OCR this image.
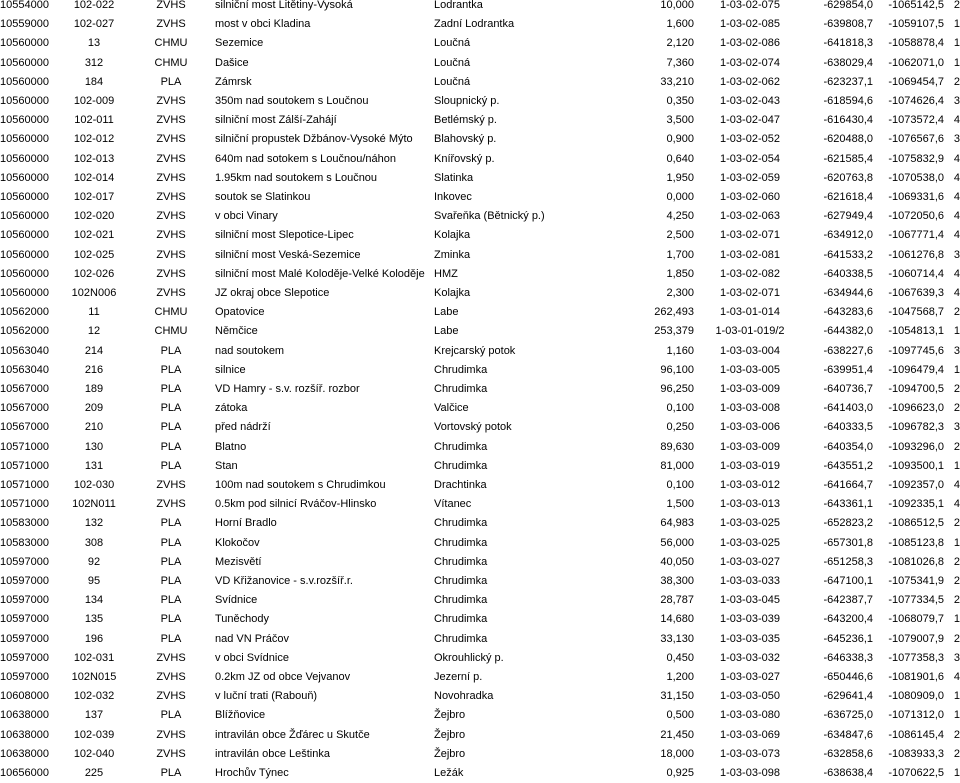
10554000	102-022	ZVHS	silniční most Litětiny-Vysoká	Lodrantka	10,000	1-03-02-075	-629854,0	-1065142,5 2
10559000	102-027	ZVHS	most v obci Kladina	Zadní Lodrantka	1,600	1-03-02-085	-639808,7	-1059107,5 1
10560000	13	CHMU	Sezemice	Loučná	2,120	1-03-02-086	-641818,3	-1058878,4 1
10560000	312	CHMU	Dašice	Loučná	7,360	1-03-02-074	-638029,4	-1062071,0 1
10560000	184	PLA	Zámrsk	Loučná	33,210	1-03-02-062	-623237,1	-1069454,7 2
10560000	102-009	ZVHS	350m nad soutokem s Loučnou	Sloupnický p.	0,350	1-03-02-043	-618594,6	-1074626,4 3
10560000	102-011	ZVHS	silniční most Zálší-Zahájí	Betlémský p.	3,500	1-03-02-047	-616430,4	-1073572,4 4
10560000	102-012	ZVHS	silniční propustek Džbánov-Vysoké Mýto	Blahovský p.	0,900	1-03-02-052	-620488,0	-1076567,6 3
10560000	102-013	ZVHS	640m nad sotokem s Loučnou/náhon	Knířovský p.	0,640	1-03-02-054	-621585,4	-1075832,9 4
10560000	102-014	ZVHS	1.95km nad soutokem s Loučnou	Slatinka	1,950	1-03-02-059	-620763,8	-1070538,0 4
10560000	102-017	ZVHS	soutok se Slatinkou	Inkovec	0,000	1-03-02-060	-621618,4	-1069331,6 4
10560000	102-020	ZVHS	v obci Vinary	Svařeňka (Bětnický p.)	4,250	1-03-02-063	-627949,4	-1072050,6 4
10560000	102-021	ZVHS	silniční most Slepotice-Lipec	Kolajka	2,500	1-03-02-071	-634912,0	-1067771,4 4
10560000	102-025	ZVHS	silniční most Veská-Sezemice	Zminka	1,700	1-03-02-081	-641533,2	-1061276,8 3
10560000	102-026	ZVHS	silniční most Malé Koloděje-Velké Koloděje HMZ	1,850	1-03-02-082	-640338,5	-1060714,4 4
10560000	102N006	ZVHS	JZ okraj obce Slepotice	Kolajka	2,300	1-03-02-071	-634944,6	-1067639,3 4
10562000	11	CHMU	Opatovice	Labe	262,493	1-03-01-014	-643283,6	-1047568,7 2
10562000	12	CHMU	Němčice	Labe	253,379	1-03-01-019/2	-644382,0	-1054813,1 1
10563040	214	PLA	nad soutokem	Krejcarský potok	1,160	1-03-03-004	-638227,6	-1097745,6 3
10563040	216	PLA	silnice	Chrudimka	96,100	1-03-03-005	-639951,4	-1096479,4 1
10567000	189	PLA	VD Hamry - s.v. rozšíř. rozbor	Chrudimka	96,250	1-03-03-009	-640736,7	-1094700,5 2
10567000	209	PLA	zátoka	Valčice	0,100	1-03-03-008	-641403,0	-1096623,0 2
10567000	210	PLA	před nádrží	Vortovský potok	0,250	1-03-03-006	-640333,5	-1096782,3 3
10571000	130	PLA	Blatno	Chrudimka	89,630	1-03-03-009	-640354,0	-1093296,0 2
10571000	131	PLA	Stan	Chrudimka	81,000	1-03-03-019	-643551,2	-1093500,1 1
10571000	102-030	ZVHS	100m nad soutokem s Chrudimkou	Drachtinka	0,100	1-03-03-012	-641664,7	-1092357,0 4
10571000	102N011	ZVHS	0.5km pod silnicí Rváčov-Hlinsko	Vítanec	1,500	1-03-03-013	-643361,1	-1092335,1 4
10583000	132	PLA	Horní Bradlo	Chrudimka	64,983	1-03-03-025	-652823,2	-1086512,5 2
10583000	308	PLA	Klokočov	Chrudimka	56,000	1-03-03-025	-657301,8	-1085123,8 1
10597000	92	PLA	Mezisvětí	Chrudimka	40,050	1-03-03-027	-651258,3	-1081026,8 2
10597000	95	PLA	VD Křižanovice - s.v.rozšíř.r.	Chrudimka	38,300	1-03-03-033	-647100,1	-1075341,9 2
10597000	134	PLA	Svídnice	Chrudimka	28,787	1-03-03-045	-642387,7	-1077334,5 2
10597000	135	PLA	Tuněchody	Chrudimka	14,680	1-03-03-039	-643200,4	-1068079,7 1
10597000	196	PLA	nad VN Práčov	Chrudimka	33,130	1-03-03-035	-645236,1	-1079007,9 2
10597000	102-031	ZVHS	v obci Svídnice	Okrouhlický p.	0,450	1-03-03-032	-646338,3	-1077358,3 3
10597000	102N015	ZVHS	0.2km JZ od obce Vejvanov	Jezerní p.	1,200	1-03-03-027	-650446,6	-1081901,6 4
10608000	102-032	ZVHS	v luční trati (Rabouň)	Novohradka	31,150	1-03-03-050	-629641,4	-1080909,0 1
10638000	137	PLA	Blížňovice	Žejbro	0,500	1-03-03-080	-636725,0	-1071312,0 1
10638000	102-039	ZVHS	intravilán obce Žďárec u Skutče	Žejbro	21,450	1-03-03-069	-634847,6	-1086145,4 2
10638000	102-040	ZVHS	intravilán obce Leštinka	Žejbro	18,000	1-03-03-073	-632858,6	-1083933,3 2
10656000	225	PLA	Hrochův Týnec	Ležák	0,925	1-03-03-098	-638638,4	-1070622,5 1
